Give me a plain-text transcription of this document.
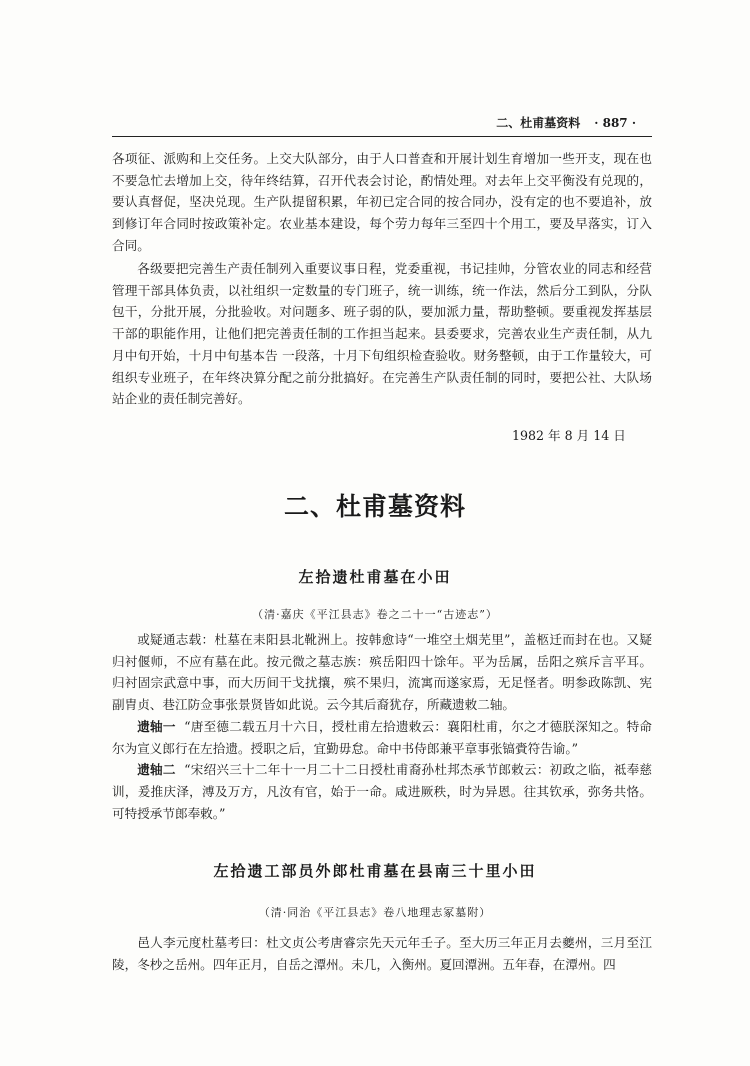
二、杜甫墓资料 · 887 ·
各项征、派购和上交任务。上交大队部分，由于人口普查和开展计划生育增加一些开支，现在也不要急忙去增加上交，待年终结算，召开代表会讨论，酌情处理。对去年上交平衡没有兑现的，要认真督促，坚决兑现。生产队提留积累，年初已定合同的按合同办，没有定的也不要追补，放到修订年合同时按政策补定。农业基本建设，每个劳力每年三至四十个用工，要及早落实，订入合同。
各级要把完善生产责任制列入重要议事日程，党委重视，书记挂帅，分管农业的同志和经营管理干部具体负责，以社组织一定数量的专门班子，统一训练，统一作法，然后分工到队，分队包干，分批开展，分批验收。对问题多、班子弱的队，要加派力量，帮助整顿。要重视发挥基层干部的职能作用，让他们把完善责任制的工作担当起来。县委要求，完善农业生产责任制，从九月中旬开始，十月中旬基本告 一段落，十月下旬组织检查验收。财务整顿，由于工作量较大，可组织专业班子，在年终决算分配之前分批搞好。在完善生产队责任制的同时，要把公社、大队场站企业的责任制完善好。
1982 年 8 月 14 日
二、杜甫墓资料
左拾遗杜甫墓在小田
（清·嘉庆《平江县志》卷之二十一“古迹志”）
或疑通志载：杜墓在耒阳县北靴洲上。按韩愈诗“一堆空土烟芜里”，盖柩迁而封在也。又疑归衬偃师，不应有墓在此。按元微之墓志族：殡岳阳四十馀年。平为岳属，岳阳之殡斥言平耳。归衬固宗武意中事，而大历间干戈扰攘，殡不果归，流寓而遂家焉，无足怪者。明参政陈凯、宪副胄贞、巷江防佥事张景贤皆如此说。云今其后裔犹存，所藏遗敕二轴。
遗轴一 “唐至德二载五月十六日，授杜甫左拾遗敕云：襄阳杜甫，尔之才德朕深知之。特命尔为宣义郎行在左拾遗。授职之后，宜勤毋怠。命中书侍郎兼平章事张镐賫符告谕。”
遗轴二 “宋绍兴三十二年十一月二十二日授杜甫裔孙杜邦杰承节郎敕云：初政之临，祗奉慈训，爰推庆泽，溥及万方，凡汝有官，始于一命。咸进厥秩，时为异恩。往其钦承，弥务共恪。可特授承节郎奉敕。”
左拾遗工部员外郎杜甫墓在县南三十里小田
（清·同治《平江县志》卷八地理志冢墓附）
邑人李元度杜墓考曰：杜文贞公考唐睿宗先天元年壬子。至大历三年正月去夔州，三月至江陵，冬杪之岳州。四年正月，自岳之潭州。未几，入衡州。夏回潭洲。五年春，在潭州。四
